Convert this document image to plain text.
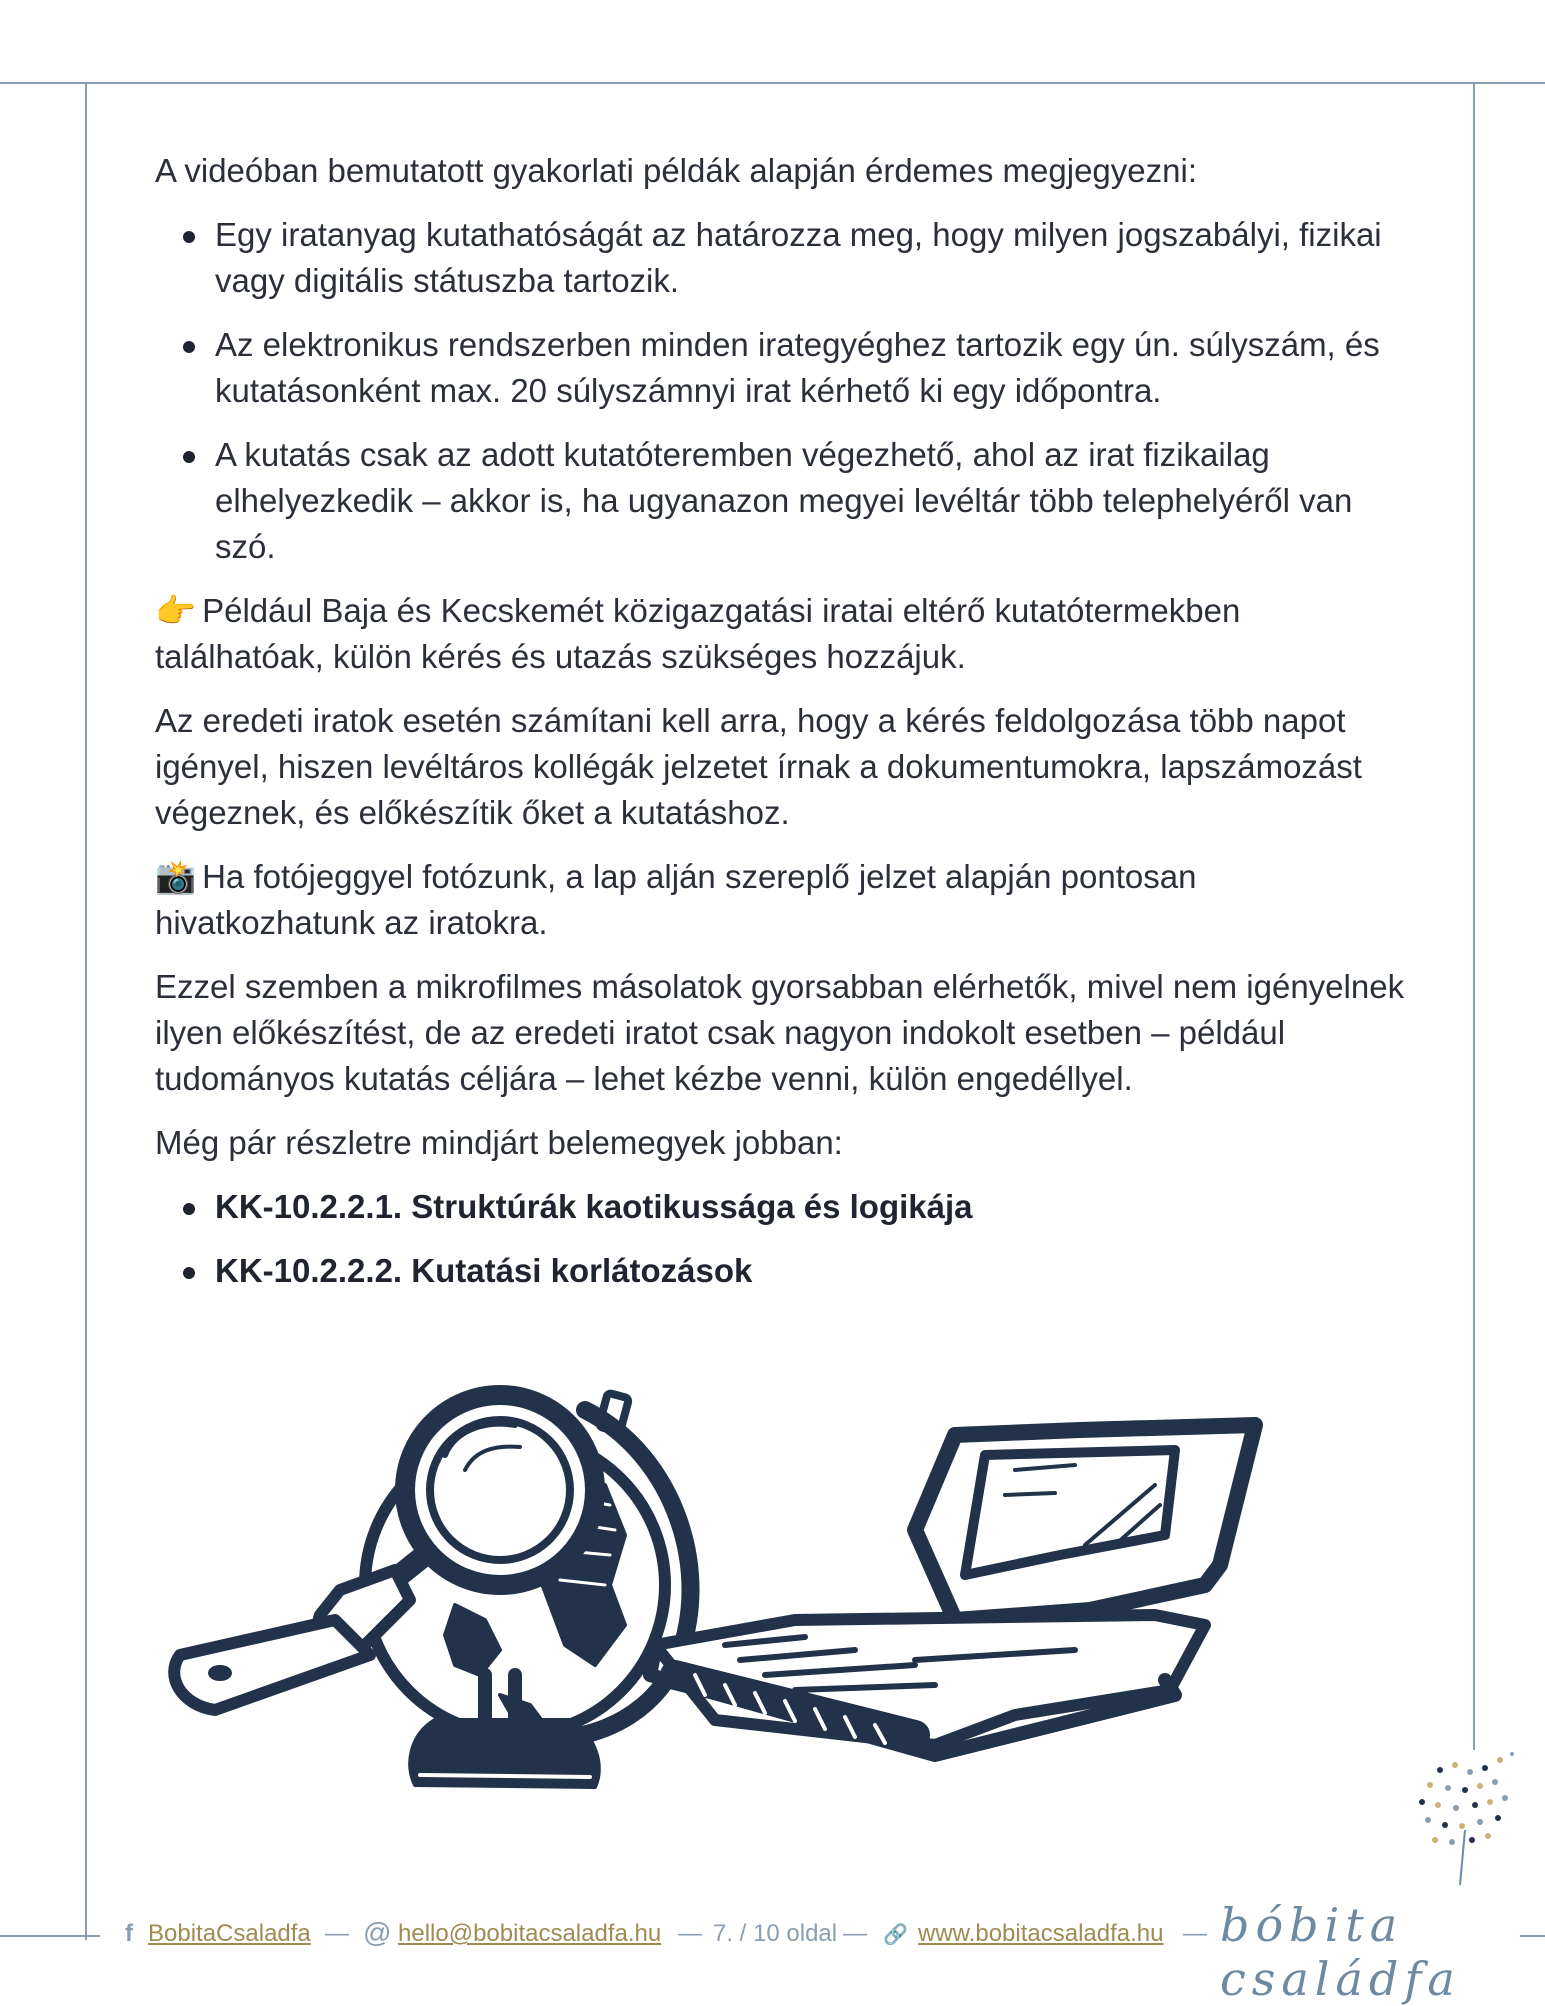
A videóban bemutatott gyakorlati példák alapján érdemes megjegyezni:

Egy iratanyag kutathatóságát az határozza meg, hogy milyen jogszabályi, fizikai vagy digitális státuszba tartozik.
Az elektronikus rendszerben minden irategyéghez tartozik egy ún. súlyszám, és kutatásonként max. 20 súlyszámnyi irat kérhető ki egy időpontra.
A kutatás csak az adott kutatóteremben végezhető, ahol az irat fizikailag elhelyezkedik – akkor is, ha ugyanazon megyei levéltár több telephelyéről van szó.

👉 Például Baja és Kecskemét közigazgatási iratai eltérő kutatótermekben találhatóak, külön kérés és utazás szükséges hozzájuk.

Az eredeti iratok esetén számítani kell arra, hogy a kérés feldolgozása több napot igényel, hiszen levéltáros kollégák jelzetet írnak a dokumentumokra, lapszámozást végeznek, és előkészítik őket a kutatáshoz.

📸 Ha fotójeggyel fotózunk, a lap alján szereplő jelzet alapján pontosan hivatkozhatunk az iratokra.

Ezzel szemben a mikrofilmes másolatok gyorsabban elérhetők, mivel nem igényelnek ilyen előkészítést, de az eredeti iratot csak nagyon indokolt esetben – például tudományos kutatás céljára – lehet kézbe venni, külön engedéllyel.

Még pár részletre mindjárt belemegyek jobban:

KK-10.2.2.1. Struktúrák kaotikussága és logikája
KK-10.2.2.2. Kutatási korlátozások
f BobitaCsaladfa — @ hello@bobitacsaladfa.hu — 7. / 10 oldal — 🔗 www.bobitacsaladfa.hu — bóbita családfa
